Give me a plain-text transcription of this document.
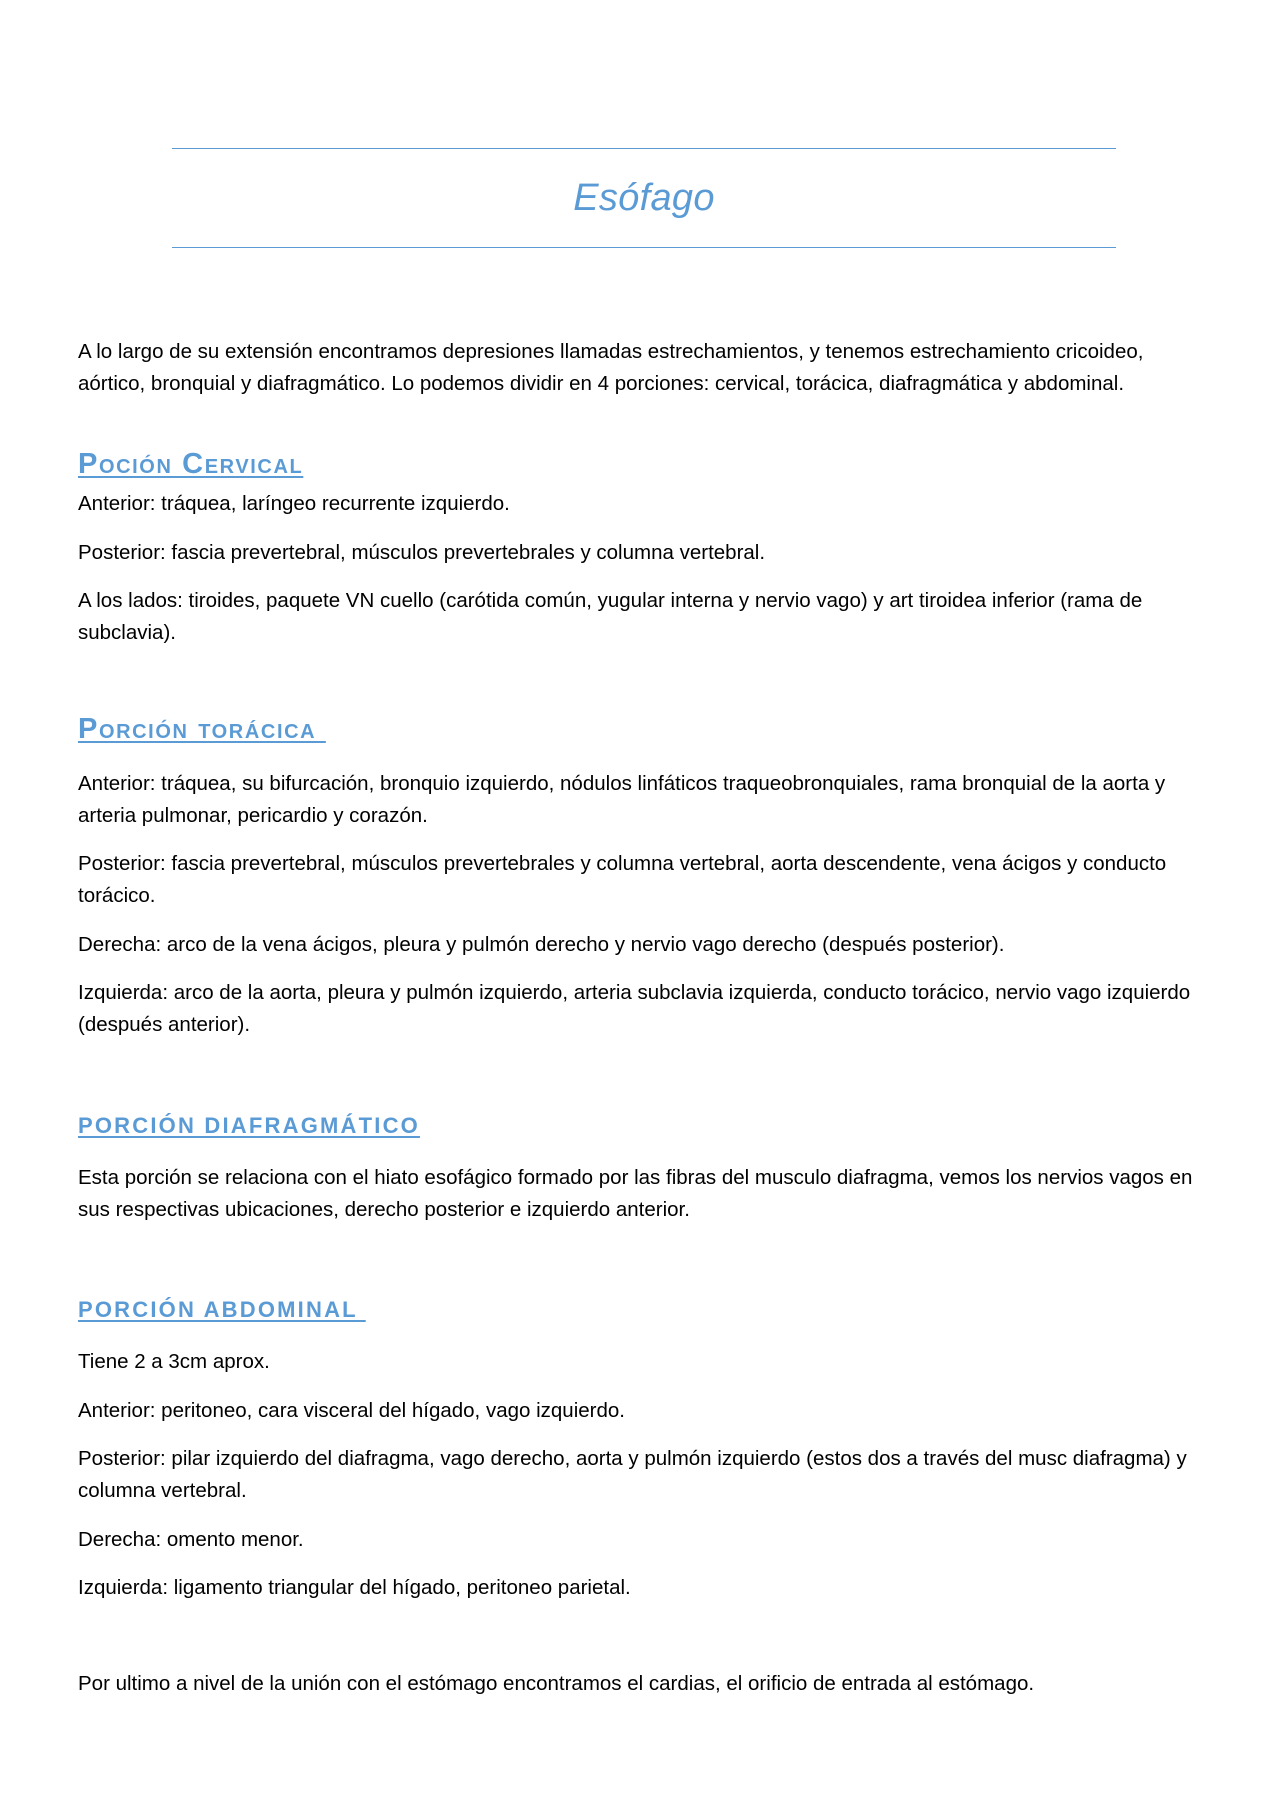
Esófago

A lo largo de su extensión encontramos depresiones llamadas estrechamientos, y tenemos estrechamiento cricoideo, aórtico, bronquial y diafragmático. Lo podemos dividir en 4 porciones: cervical, torácica, diafragmática y abdominal.

Poción Cervical

Anterior: tráquea, laríngeo recurrente izquierdo.

Posterior: fascia prevertebral, músculos prevertebrales y columna vertebral.

A los lados: tiroides, paquete VN cuello (carótida común, yugular interna y nervio vago) y art tiroidea inferior (rama de subclavia).

Porción torácica

Anterior: tráquea, su bifurcación, bronquio izquierdo, nódulos linfáticos traqueobronquiales, rama bronquial de la aorta y arteria pulmonar, pericardio y corazón.

Posterior: fascia prevertebral, músculos prevertebrales y columna vertebral, aorta descendente, vena ácigos y conducto torácico.

Derecha: arco de la vena ácigos, pleura y pulmón derecho y nervio vago derecho (después posterior).

Izquierda: arco de la aorta, pleura y pulmón izquierdo, arteria subclavia izquierda, conducto torácico, nervio vago izquierdo (después anterior).

PORCIÓN DIAFRAGMÁTICO

Esta porción se relaciona con el hiato esofágico formado por las fibras del musculo diafragma, vemos los nervios vagos en sus respectivas ubicaciones, derecho posterior e izquierdo anterior.

PORCIÓN ABDOMINAL

Tiene 2 a 3cm aprox.

Anterior: peritoneo, cara visceral del hígado, vago izquierdo.

Posterior: pilar izquierdo del diafragma, vago derecho, aorta y pulmón izquierdo (estos dos a través del musc diafragma) y columna vertebral.

Derecha: omento menor.

Izquierda: ligamento triangular del hígado, peritoneo parietal.

Por ultimo a nivel de la unión con el estómago encontramos el cardias, el orificio de entrada al estómago.
